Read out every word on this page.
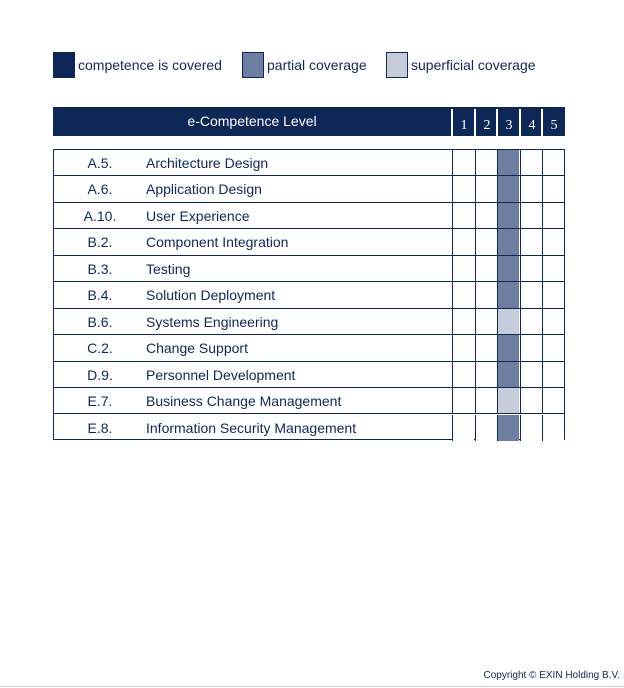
competence is covered	partial coverage	superficial coverage
e-Competence Level	1	2	3	4	5
A.5.	Architecture Design
A.6.	Application Design
A.10.	User Experience
B.2.	Component Integration
B.3.	Testing
B.4.	Solution Deployment
B.6.	Systems Engineering
C.2.	Change Support
D.9.	Personnel Development
E.7.	Business Change Management
E.8.	Information Security Management
Copyright © EXIN Holding B.V.
